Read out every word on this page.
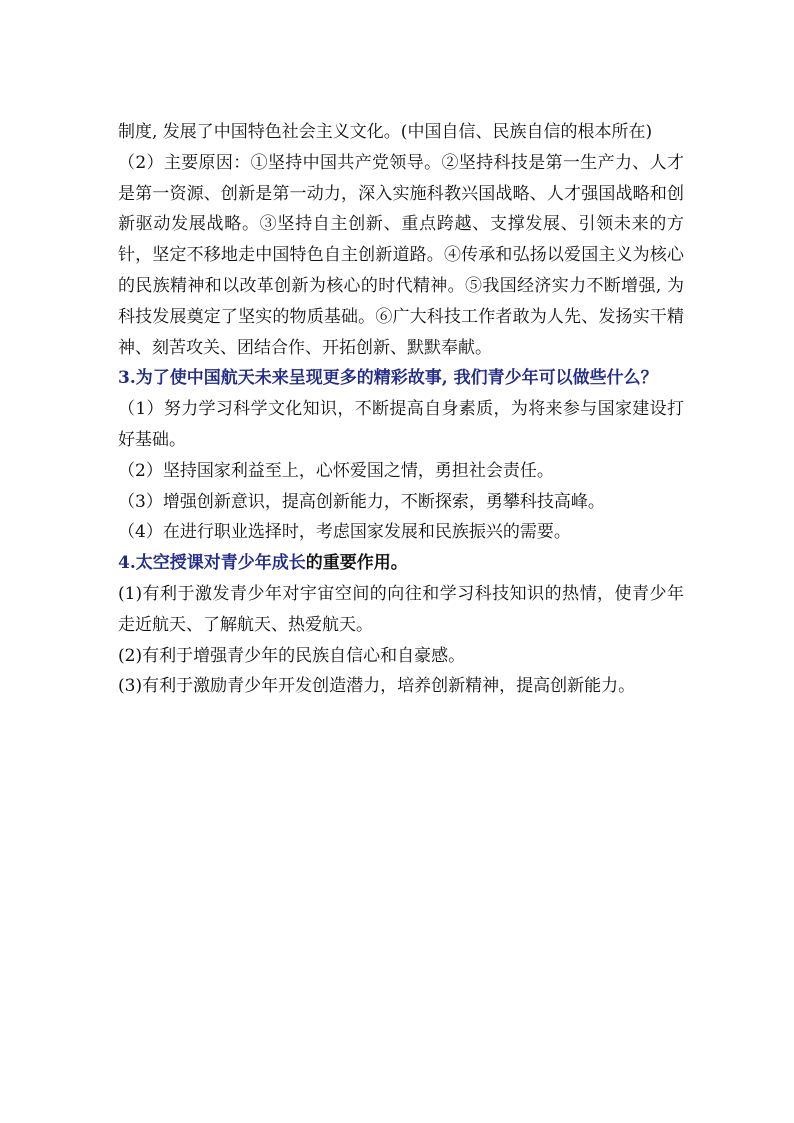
制度, 发展了中国特色社会主义文化。(中国自信、民族自信的根本所在)

（2）主要原因：①坚持中国共产党领导。②坚持科技是第一生产力、人才是第一资源、创新是第一动力，深入实施科教兴国战略、人才强国战略和创新驱动发展战略。③坚持自主创新、重点跨越、支撑发展、引领未来的方针，坚定不移地走中国特色自主创新道路。④传承和弘扬以爱国主义为核心的民族精神和以改革创新为核心的时代精神。⑤我国经济实力不断增强, 为科技发展奠定了坚实的物质基础。⑥广大科技工作者敢为人先、发扬实干精神、刻苦攻关、团结合作、开拓创新、默默奉献。

3.为了使中国航天未来呈现更多的精彩故事, 我们青少年可以做些什么？

（1）努力学习科学文化知识，不断提高自身素质，为将来参与国家建设打好基础。

（2）坚持国家利益至上，心怀爱国之情，勇担社会责任。

（3）增强创新意识，提高创新能力，不断探索，勇攀科技高峰。

（4）在进行职业选择时，考虑国家发展和民族振兴的需要。

4.太空授课对青少年成长的重要作用。

(1)有利于激发青少年对宇宙空间的向往和学习科技知识的热情，使青少年走近航天、了解航天、热爱航天。

(2)有利于增强青少年的民族自信心和自豪感。

(3)有利于激励青少年开发创造潜力，培养创新精神，提高创新能力。
